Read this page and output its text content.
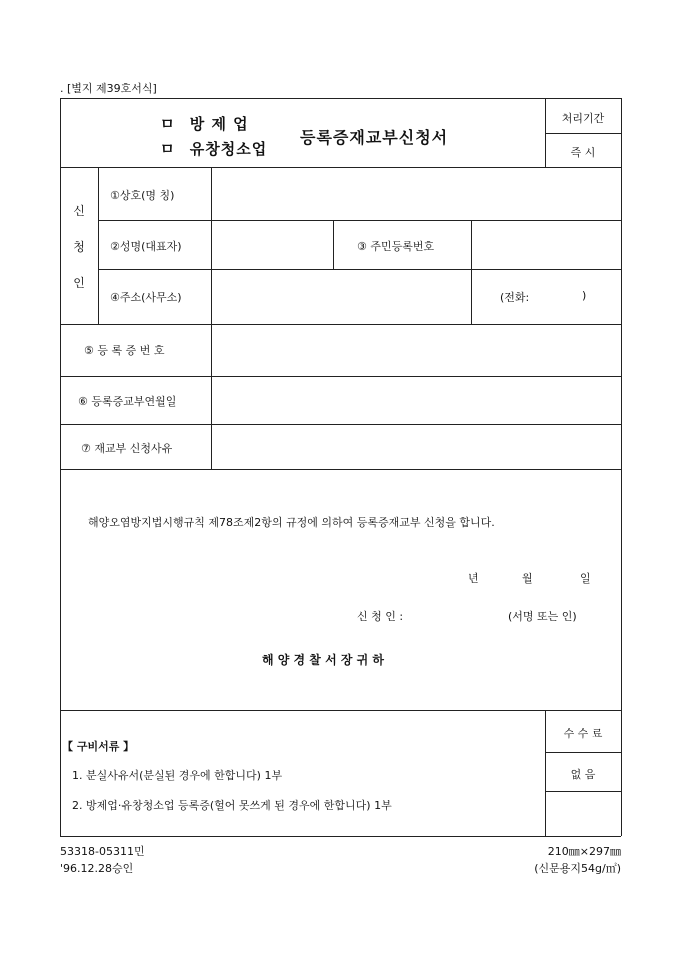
. [별지 제39호서식]
ㅁ 방 제 업
ㅁ 유창청소업
등록증재교부신청서
처리기간
즉 시
신
청
인
①상호(명 칭)
②성명(대표자)	③ 주민등록번호
④주소(사무소)	(전화:	)
⑤ 등 록 증 번 호
⑥ 등록증교부연월일
⑦ 재교부 신청사유
해양오염방지법시행규칙 제78조제2항의 규정에 의하여 등록증재교부 신청을 합니다.
년	월	일
신 청 인 :	(서명 또는 인)
해 양 경 찰 서 장 귀 하
【 구비서류 】
1. 분실사유서(분실된 경우에 한합니다) 1부
2. 방제업·유창청소업 등록증(헐어 못쓰게 된 경우에 한합니다) 1부
수 수 료
없 음
53318-05311민
'96.12.28승인
210㎜×297㎜
(신문용지54g/㎡)
